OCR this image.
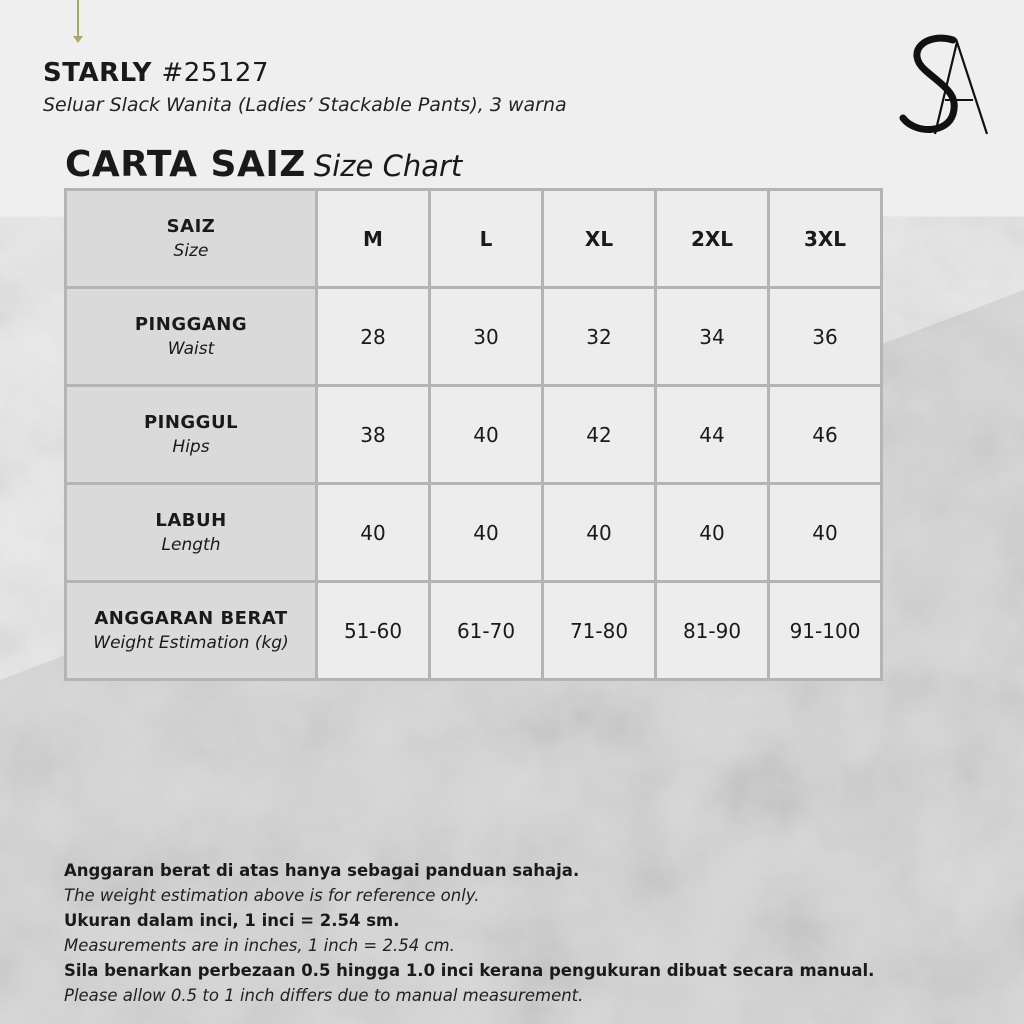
STARLY #25127
Seluar Slack Wanita (Ladies’ Stackable Pants), 3 warna
CARTA SAIZ Size Chart
SAIZ
Size	M	L	XL	2XL	3XL

PINGGANG
Waist	28	30	32	34	36

PINGGUL
Hips	38	40	42	44	46

LABUH
Length	40	40	40	40	40

ANGGARAN BERAT
Weight Estimation (kg)	51-60	61-70	71-80	81-90	91-100
Anggaran berat di atas hanya sebagai panduan sahaja.
The weight estimation above is for reference only.
Ukuran dalam inci, 1 inci = 2.54 sm.
Measurements are in inches, 1 inch = 2.54 cm.
Sila benarkan perbezaan 0.5 hingga 1.0 inci kerana pengukuran dibuat secara manual.
Please allow 0.5 to 1 inch differs due to manual measurement.
